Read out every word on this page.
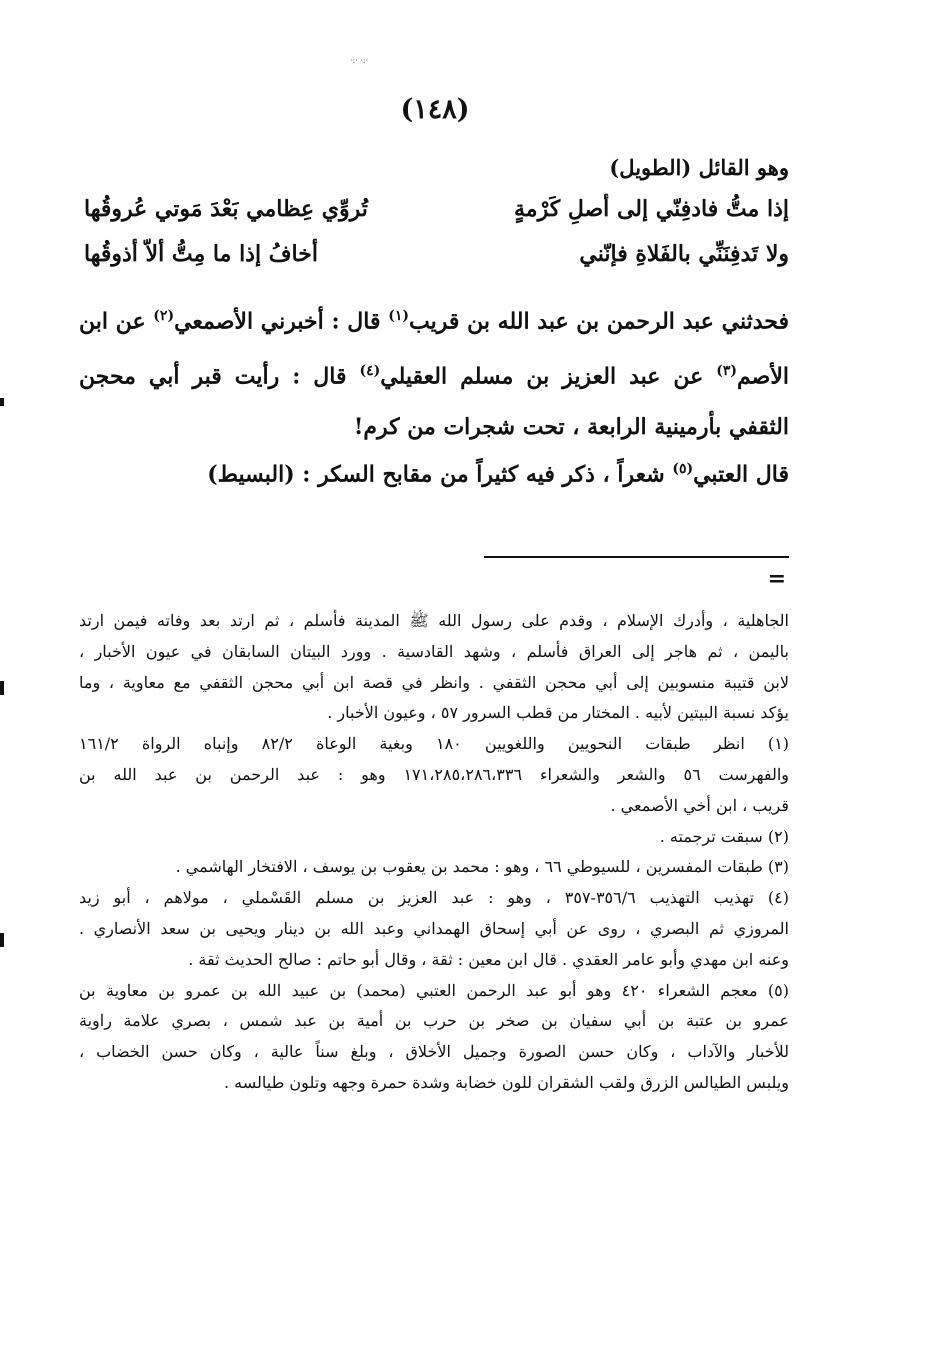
·:· ·:·
(١٤٨)
وهو القائل (الطويل)
إذا متُّ فادفِنّي إلى أصلِ كَرْمةٍ
تُروِّي عِظامي بَعْدَ مَوتي عُروقُها
ولا تَدفِنَنِّي بالفَلاةِ فإنّني
أخافُ إذا ما مِتُّ ألاّ أذوقُها
فحدثني عبد الرحمن بن عبد الله بن قريب$^{(١)}$ قال : أخبرني الأصمعي$^{(٢)}$ عن ابن الأصم$^{(٣)}$ عن عبد العزيز بن مسلم العقيلي$^{(٤)}$ قال : رأيت قبر أبي محجن الثقفي بأرمينية الرابعة ، تحت شجرات من كرم!
قال العتبي$^{(٥)}$ شعراً ، ذكر فيه كثيراً من مقابح السكر : (البسيط)
=
الجاهلية ، وأدرك الإسلام ، وقدم على رسول الله ﷺ المدينة فأسلم ، ثم ارتد بعد وفاته فيمن ارتد
باليمن ، ثم هاجر إلى العراق فأسلم ، وشهد القادسية . وورد البيتان السابقان في عيون الأخبار ،
لابن قتيبة منسوبين إلى أبي محجن الثقفي . وانظر في قصة ابن أبي محجن الثقفي مع معاوية ، وما
يؤكد نسبة البيتين لأبيه . المختار من قطب السرور ٥٧ ، وعيون الأخبار .
(١) انظر طبقات النحويين واللغويين ١٨٠ وبغية الوعاة ٨٢/٢ وإنباه الرواة ١٦١/٢
والفهرست ٥٦ والشعر والشعراء ١٧١،٢٨٥،٢٨٦،٣٣٦ وهو : عبد الرحمن بن عبد الله بن
قريب ، ابن أخي الأصمعي .
(٢) سبقت ترجمته .
(٣) طبقات المفسرين ، للسيوطي ٦٦ ، وهو : محمد بن يعقوب بن يوسف ، الافتخار الهاشمي .
(٤) تهذيب التهذيب ٣٥٦/٦-٣٥٧ ، وهو : عبد العزيز بن مسلم القَسْملي ، مولاهم ، أبو زيد
المروزي ثم البصري ، روى عن أبي إسحاق الهمداني وعبد الله بن دينار ويحيى بن سعد الأنصاري .
وعنه ابن مهدي وأبو عامر العقدي . قال ابن معين : ثقة ، وقال أبو حاتم : صالح الحديث ثقة .
(٥) معجم الشعراء ٤٢٠ وهو أبو عبد الرحمن العتبي (محمد) بن عبيد الله بن عمرو بن معاوية بن
عمرو بن عتبة بن أبي سفيان بن صخر بن حرب بن أمية بن عبد شمس ، بصري علامة راوية
للأخبار والآداب ، وكان حسن الصورة وجميل الأخلاق ، وبلغ سناً عالية ، وكان حسن الخضاب ،
ويلبس الطيالس الزرق ولقب الشقران للون خضابة وشدة حمرة وجهه وتلون طيالسه .
